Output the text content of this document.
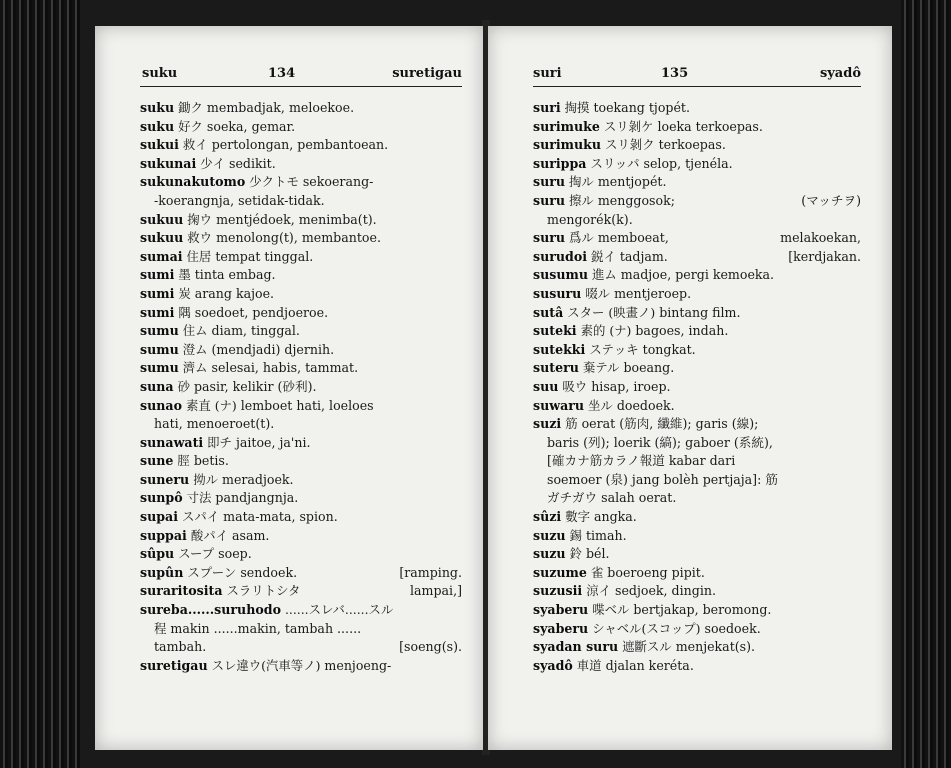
suku	134	suretigau
suku 鋤ク membadjak, meloekoe.
suku 好ク soeka, gemar.
sukui 救イ pertolongan, pembantoean.
sukunai 少イ sedikit.
sukunakutomo 少クトモ sekoerang-
-koerangnja, setidak-tidak.
sukuu 掬ウ mentjédoek, menimba(t).
sukuu 救ウ menolong(t), membantoe.
sumai 住居 tempat tinggal.
sumi 墨 tinta embag.
sumi 炭 arang kajoe.
sumi 隅 soedoet, pendjoeroe.
sumu 住ム diam, tinggal.
sumu 澄ム (mendjadi) djernih.
sumu 濟ム selesai, habis, tammat.
suna 砂 pasir, kelikir (砂利).
sunao 素直 (ナ) lemboet hati, loeloes
hati, menoeroet(t).
sunawati 即チ jaitoe, ja'ni.
sune 脛 betis.
suneru 拗ル meradjoek.
sunpô 寸法 pandjangnja.
supai スパイ mata-mata, spion.
suppai 酸パイ asam.
sûpu スープ soep.
supûn スプーン sendoek.	[ramping.
suraritosita スラリトシタ	lampai,]
sureba......suruhodo ......スレバ......スル
程 makin ......makin, tambah ......
tambah.	[soeng(s).
suretigau スレ違ウ(汽車等ノ) menjoeng-
suri	135	syadô
suri 掏摸 toekang tjopét.
surimuke スリ剝ケ loeka terkoepas.
surimuku スリ剝ク terkoepas.
surippa スリッパ selop, tjenéla.
suru 掏ル mentjopét.
suru 擦ル menggosok;	(マッチヲ)
mengorék(k).
suru 爲ル memboeat,	melakoekan,
surudoi 鋭イ tadjam.	[kerdjakan.
susumu 進ム madjoe, pergi kemoeka.
susuru 啜ル mentjeroep.
sutâ スター (映畫ノ) bintang film.
suteki 素的 (ナ) bagoes, indah.
sutekki ステッキ tongkat.
suteru 棄テル boeang.
suu 吸ウ hisap, iroep.
suwaru 坐ル doedoek.
suzi 筋 oerat (筋肉, 纖維); garis (線);
baris (列); loerik (縞); gaboer (系統),
[確カナ筋カラノ報道 kabar dari
soemoer (泉) jang bolèh pertjaja]: 筋
ガチガウ salah oerat.
sûzi 數字 angka.
suzu 錫 timah.
suzu 鈴 bél.
suzume 雀 boeroeng pipit.
suzusii 涼イ sedjoek, dingin.
syaberu 喋ベル bertjakap, beromong.
syaberu シャベル(スコップ) soedoek.
syadan suru 遮斷スル menjekat(s).
syadô 車道 djalan keréta.
